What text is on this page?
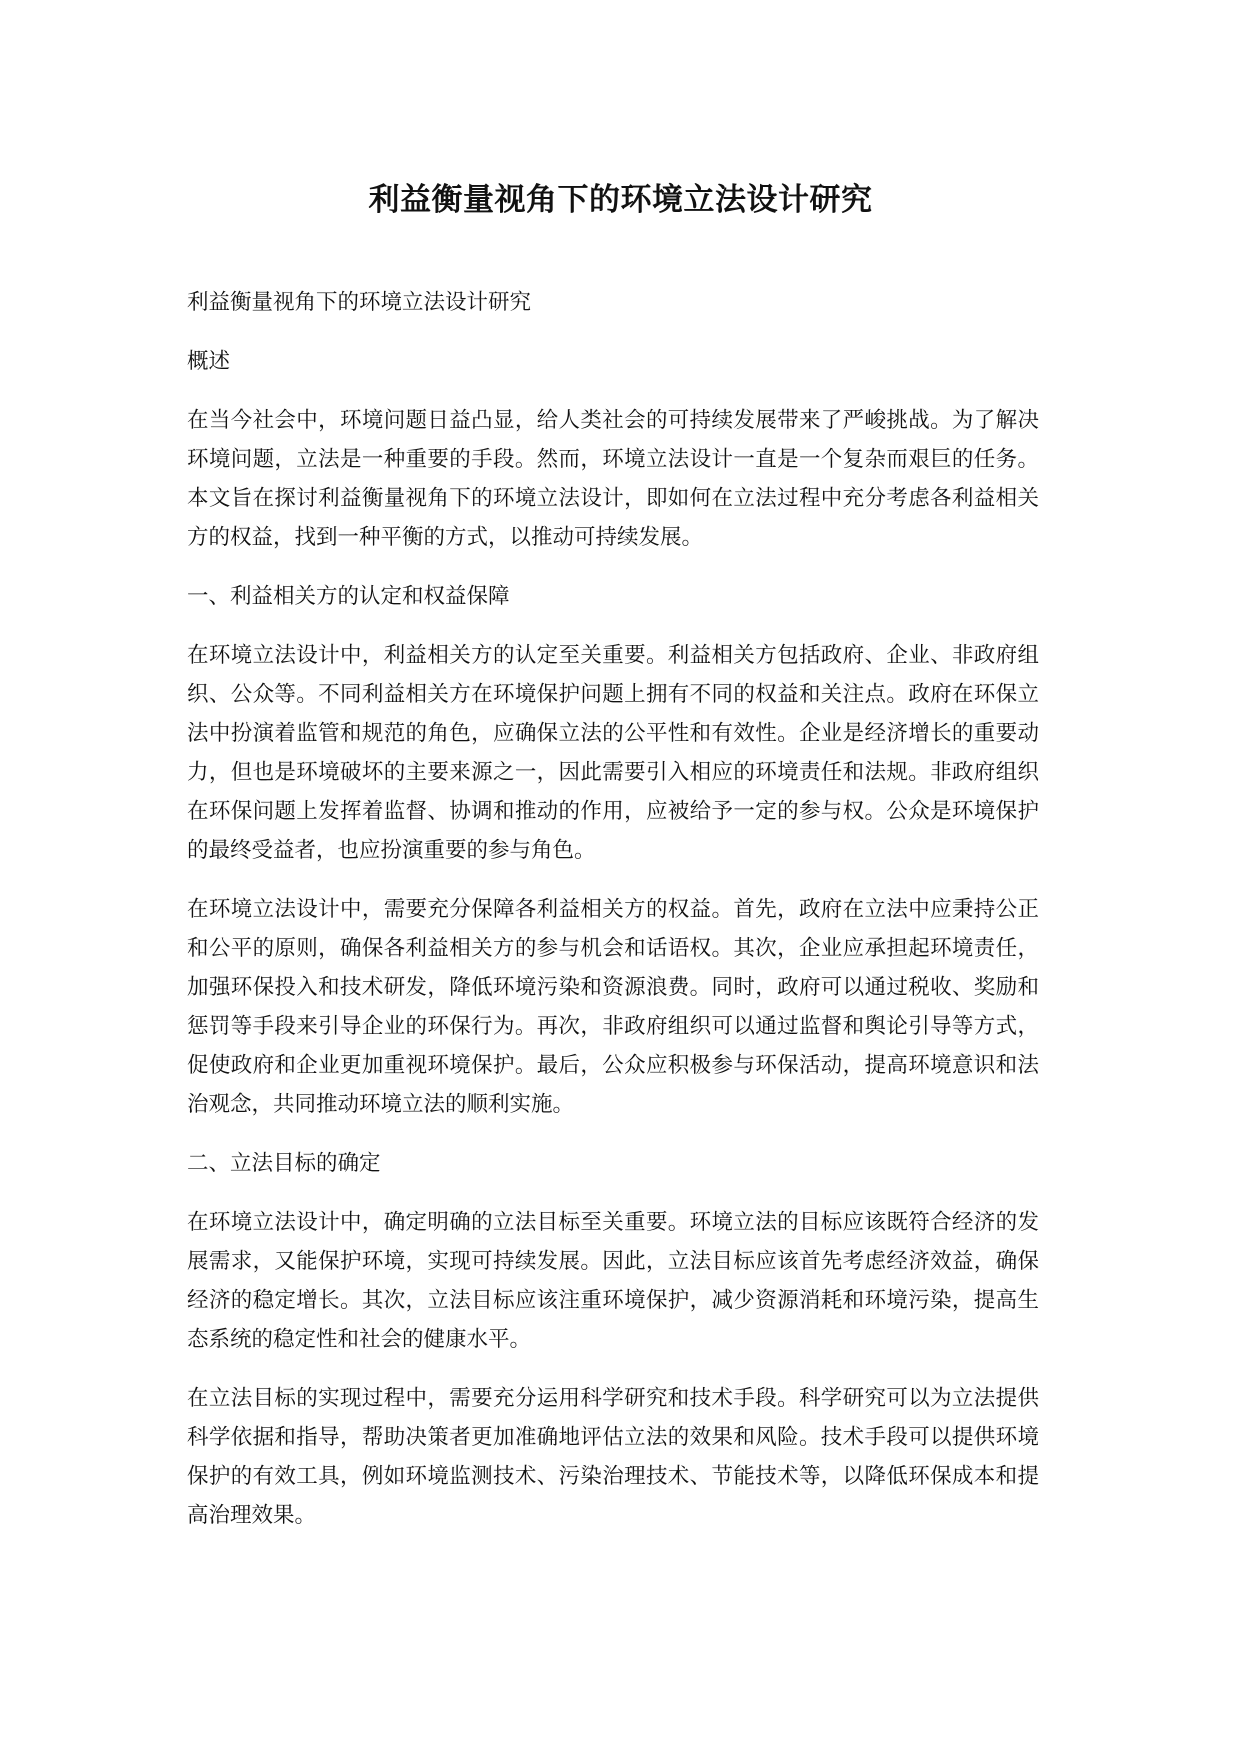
利益衡量视角下的环境立法设计研究

利益衡量视角下的环境立法设计研究

概述

在当今社会中，环境问题日益凸显，给人类社会的可持续发展带来了严峻挑战。为了解决环境问题，立法是一种重要的手段。然而，环境立法设计一直是一个复杂而艰巨的任务。本文旨在探讨利益衡量视角下的环境立法设计，即如何在立法过程中充分考虑各利益相关方的权益，找到一种平衡的方式，以推动可持续发展。

一、利益相关方的认定和权益保障

在环境立法设计中，利益相关方的认定至关重要。利益相关方包括政府、企业、非政府组织、公众等。不同利益相关方在环境保护问题上拥有不同的权益和关注点。政府在环保立法中扮演着监管和规范的角色，应确保立法的公平性和有效性。企业是经济增长的重要动力，但也是环境破坏的主要来源之一，因此需要引入相应的环境责任和法规。非政府组织在环保问题上发挥着监督、协调和推动的作用，应被给予一定的参与权。公众是环境保护的最终受益者，也应扮演重要的参与角色。

在环境立法设计中，需要充分保障各利益相关方的权益。首先，政府在立法中应秉持公正和公平的原则，确保各利益相关方的参与机会和话语权。其次，企业应承担起环境责任，加强环保投入和技术研发，降低环境污染和资源浪费。同时，政府可以通过税收、奖励和惩罚等手段来引导企业的环保行为。再次，非政府组织可以通过监督和舆论引导等方式，促使政府和企业更加重视环境保护。最后，公众应积极参与环保活动，提高环境意识和法治观念，共同推动环境立法的顺利实施。

二、立法目标的确定

在环境立法设计中，确定明确的立法目标至关重要。环境立法的目标应该既符合经济的发展需求，又能保护环境，实现可持续发展。因此，立法目标应该首先考虑经济效益，确保经济的稳定增长。其次，立法目标应该注重环境保护，减少资源消耗和环境污染，提高生态系统的稳定性和社会的健康水平。

在立法目标的实现过程中，需要充分运用科学研究和技术手段。科学研究可以为立法提供科学依据和指导，帮助决策者更加准确地评估立法的效果和风险。技术手段可以提供环境保护的有效工具，例如环境监测技术、污染治理技术、节能技术等，以降低环保成本和提高治理效果。
